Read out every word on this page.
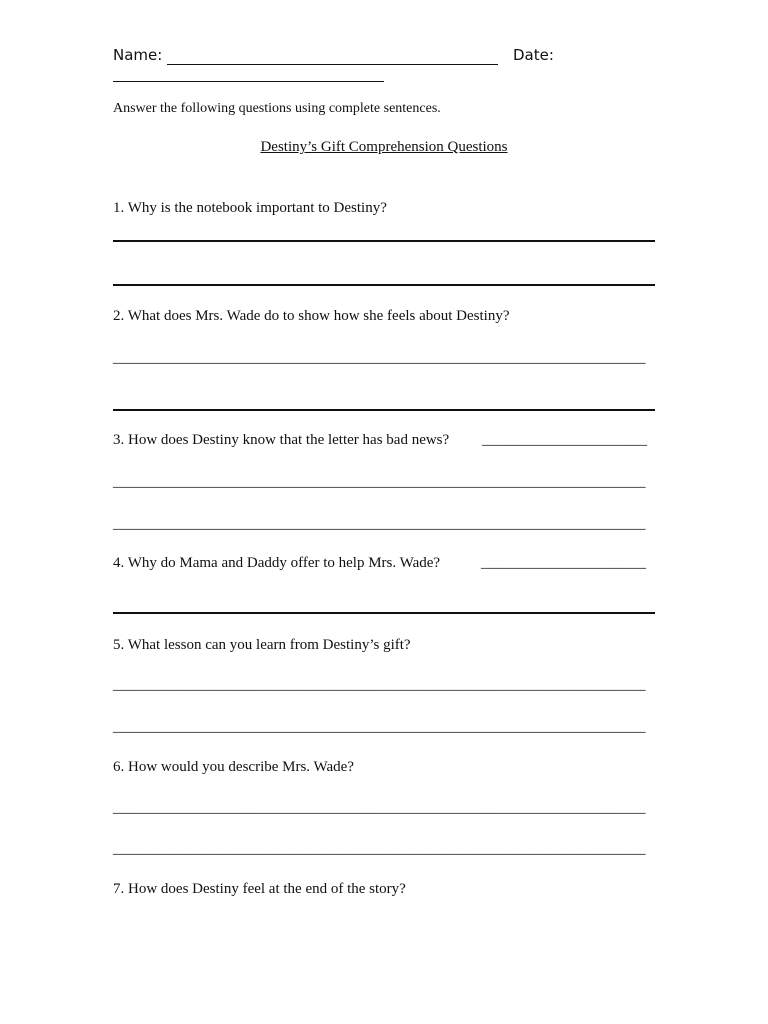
Name:	Date:
Answer the following questions using complete sentences.
Destiny’s Gift Comprehension Questions
1. Why is the notebook important to Destiny?
2. What does Mrs. Wade do to show how she feels about Destiny?
_______________________________________________________________________
3. How does Destiny know that the letter has bad news? ______________________
_______________________________________________________________________
_______________________________________________________________________
4. Why do Mama and Daddy offer to help Mrs. Wade?	______________________
5. What lesson can you learn from Destiny’s gift?
_______________________________________________________________________
_______________________________________________________________________
6. How would you describe Mrs. Wade?
_______________________________________________________________________
_______________________________________________________________________
7. How does Destiny feel at the end of the story?
